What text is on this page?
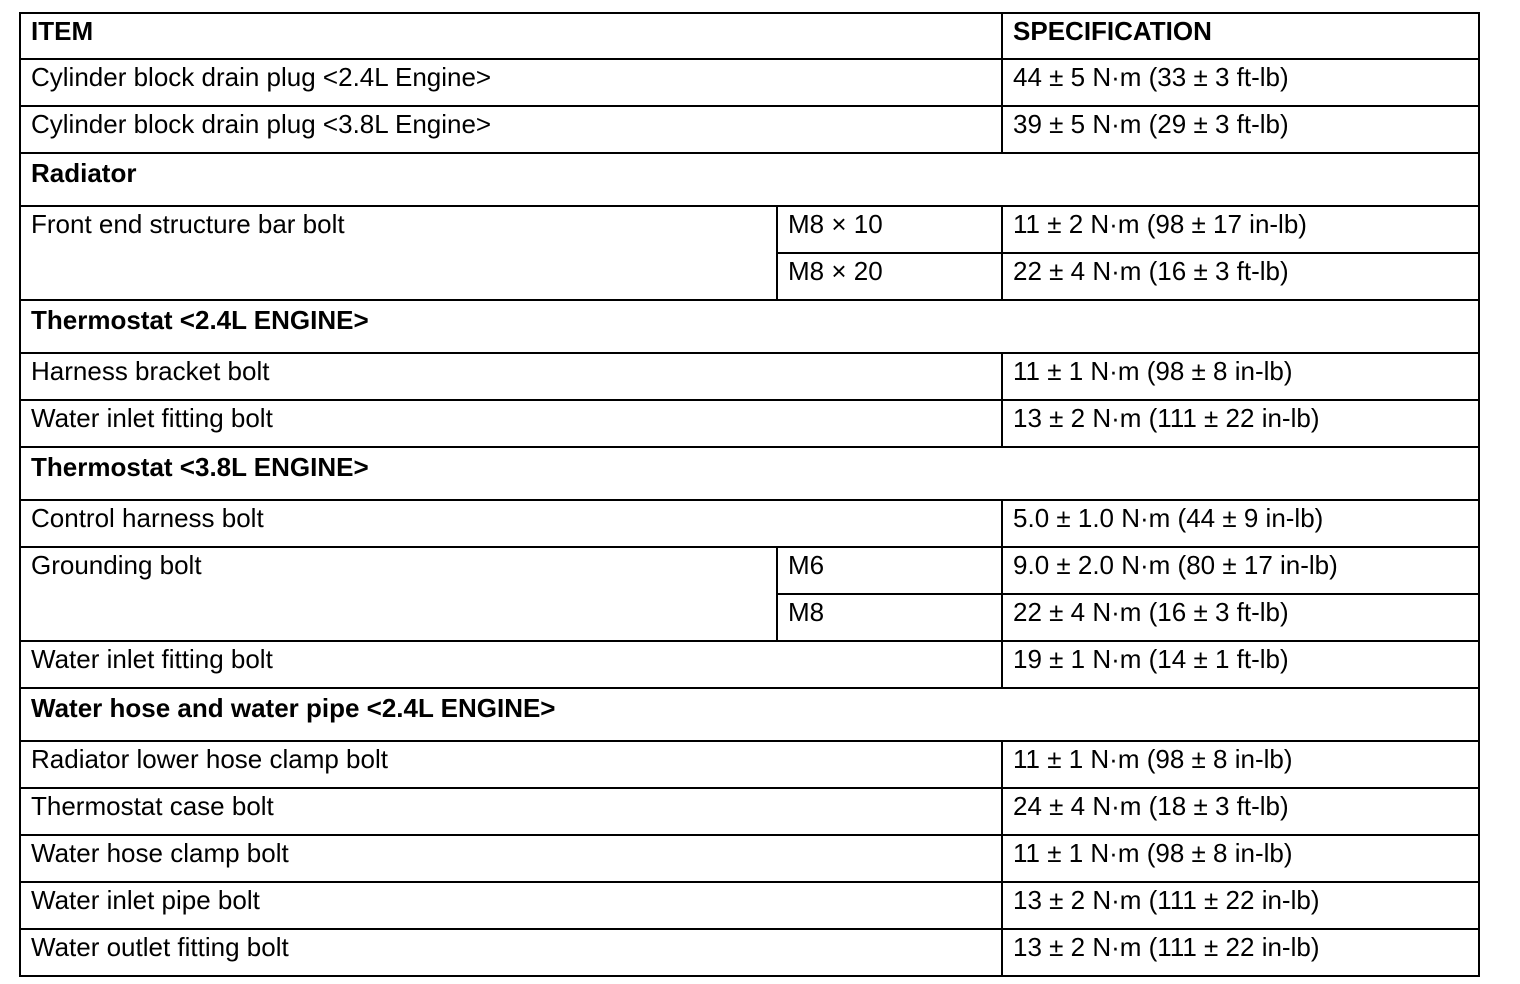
ITEM		SPECIFICATION
Cylinder block drain plug <2.4L Engine>		44 ± 5 N·m (33 ± 3 ft-lb)
Cylinder block drain plug <3.8L Engine>		39 ± 5 N·m (29 ± 3 ft-lb)
Radiator		
Front end structure bar bolt	M8 × 10	11 ± 2 N·m (98 ± 17 in-lb)
	M8 × 20	22 ± 4 N·m (16 ± 3 ft-lb)
Thermostat <2.4L ENGINE>		
Harness bracket bolt		11 ± 1 N·m (98 ± 8 in-lb)
Water inlet fitting bolt		13 ± 2 N·m (111 ± 22 in-lb)
Thermostat <3.8L ENGINE>		
Control harness bolt		5.0 ± 1.0 N·m (44 ± 9 in-lb)
Grounding bolt	M6	9.0 ± 2.0 N·m (80 ± 17 in-lb)
	M8	22 ± 4 N·m (16 ± 3 ft-lb)
Water inlet fitting bolt		19 ± 1 N·m (14 ± 1 ft-lb)
Water hose and water pipe <2.4L ENGINE>		
Radiator lower hose clamp bolt		11 ± 1 N·m (98 ± 8 in-lb)
Thermostat case bolt		24 ± 4 N·m (18 ± 3 ft-lb)
Water hose clamp bolt		11 ± 1 N·m (98 ± 8 in-lb)
Water inlet pipe bolt		13 ± 2 N·m (111 ± 22 in-lb)
Water outlet fitting bolt		13 ± 2 N·m (111 ± 22 in-lb)
